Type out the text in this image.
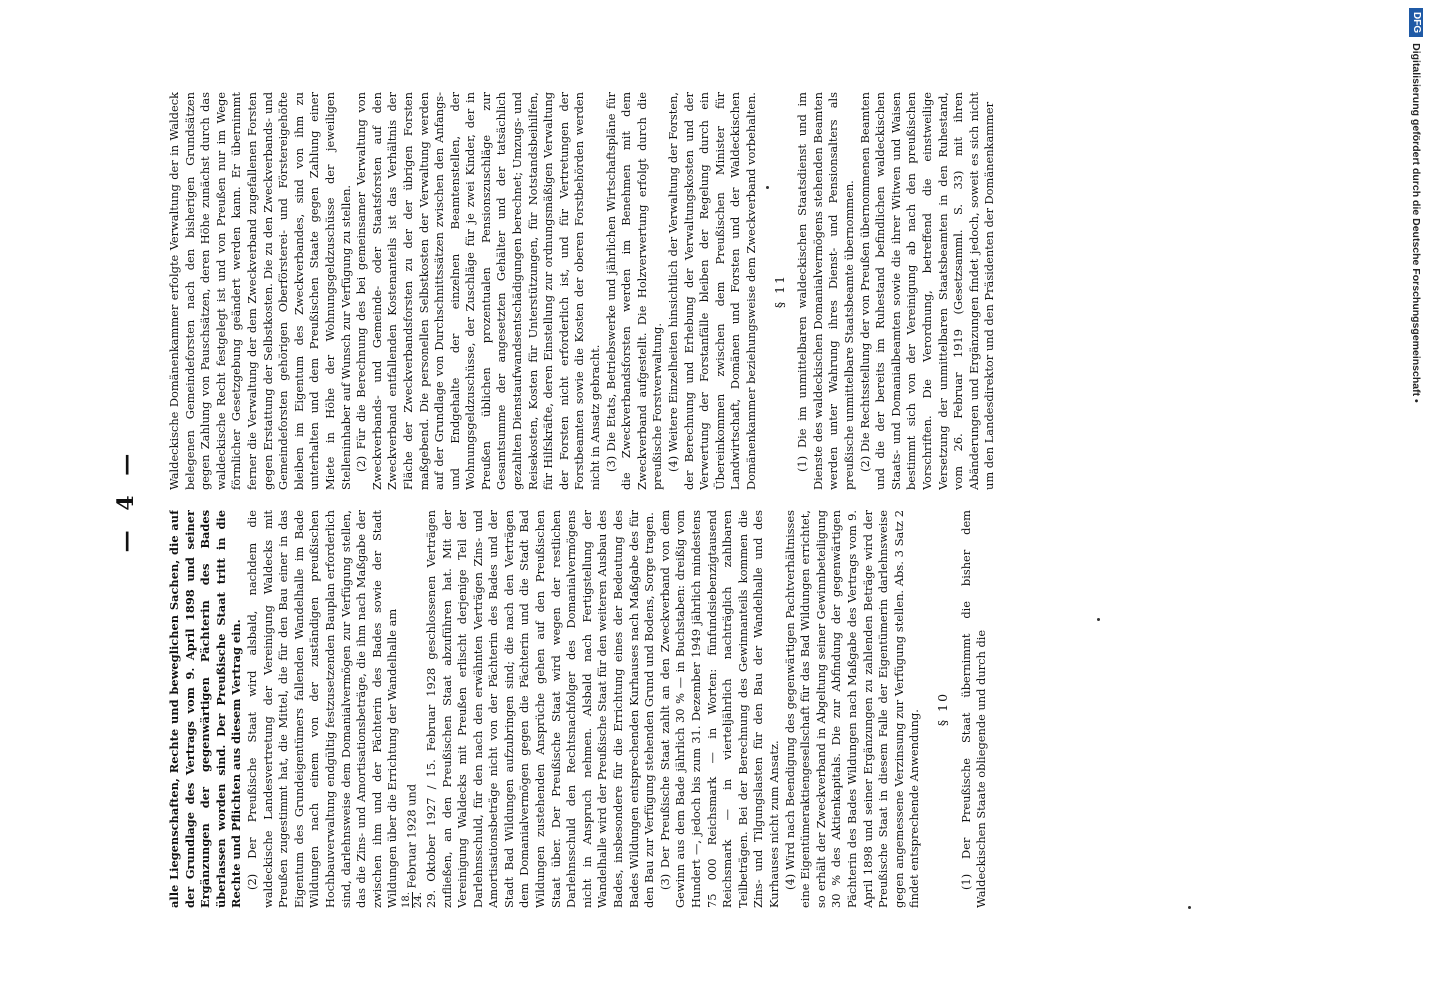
— 4 —

alle Liegenschaften, Rechte und beweglichen Sachen, die auf der Grundlage des Vertrags vom 9. April 1898 und seiner Ergänzungen der gegenwärtigen Pächterin des Bades überlassen worden sind. Der Preußische Staat tritt in die Rechte und Pflichten aus diesem Vertrag ein. (2) Der Preußische Staat wird alsbald, nachdem die waldeckische Landesvertretung der Vereinigung Waldecks mit Preußen zugestimmt hat, die Mittel, die für den Bau einer in das Eigentum des Grundeigentümers fallenden Wandelhalle im Bade Wildungen nach einem von der zuständigen preußischen Hochbauverwaltung endgültig festzusetzenden Bauplan erforderlich sind, darlehnsweise dem Domanialvermögen zur Verfügung stellen, das die Zins- und Amortisationsbeträge, die ihm nach Maßgabe der zwischen ihm und der Pächterin des Bades sowie der Stadt Wildungen über die Errichtung der Wandelhalle am 18. 24.
Februar 1928 und 29. Oktober 1927 / 15. Februar 1928 geschlossenen Verträgen zufließen, an den Preußischen Staat abzuführen hat. Mit der Vereinigung Waldecks mit Preußen erlischt derjenige Teil der Darlehnsschuld, für den nach den erwähnten Verträgen Zins- und Amortisationsbeträge nicht von der Pächterin des Bades und der Stadt Bad Wildungen aufzubringen sind; die nach den Verträgen dem Domanialvermögen gegen die Pächterin und die Stadt Bad Wildungen zustehenden Ansprüche gehen auf den Preußischen Staat über. Der Preußische Staat wird wegen der restlichen Darlehnsschuld den Rechtsnachfolger des Domanialvermögens nicht in Anspruch nehmen. Alsbald nach Fertigstellung der Wandelhalle wird der Preußische Staat für den weiteren Ausbau des Bades, insbesondere für die Errichtung eines der Bedeutung des Bades Wildungen entsprechenden Kurhauses nach Maßgabe des für den Bau zur Verfügung stehenden Grund und Bodens, Sorge tragen. (3) Der Preußische Staat zahlt an den Zweckverband von dem Gewinn aus dem Bade jährlich 30 % — in Buchstaben: dreißig vom Hundert —, jedoch bis zum 31. Dezember 1949 jährlich mindestens 75 000 Reichsmark — in Worten: fünfundsiebenzigtausend Reichsmark — in vierteljährlich nachträglich zahlbaren Teilbeträgen. Bei der Berechnung des Gewinnanteils kommen die Zins- und Tilgungslasten für den Bau der Wandelhalle und des Kurhauses nicht zum Ansatz. (4) Wird nach Beendigung des gegenwärtigen Pachtverhältnisses eine Eigentümeraktiengesellschaft für das Bad Wildungen errichtet, so erhält der Zweckverband in Abgeltung seiner Gewinnbeteiligung 30 % des Aktienkapitals. Die zur Abfindung der gegenwärtigen Pächterin des Bades Wildungen nach Maßgabe des Vertrags vom 9. April 1898 und seiner Ergänzungen zu zahlenden Beträge wird der Preußische Staat in diesem Falle der Eigentümerin darlehnsweise gegen angemessene Verzinsung zur Verfügung stellen. Abs. 3 Satz 2 findet entsprechende Anwendung.

§ 10 (1) Der Preußische Staat übernimmt die bisher dem Waldeckischen Staate obliegende und durch die

Waldeckische Domänenkammer erfolgte Verwaltung der in Waldeck belegenen Gemeindeforsten nach den bisherigen Grundsätzen gegen Zahlung von Pauschsätzen, deren Höhe zunächst durch das waldeckische Recht festgelegt ist und von Preußen nur im Wege förmlicher Gesetzgebung geändert werden kann. Er übernimmt ferner die Verwaltung der dem Zweckverband zugefallenen Forsten gegen Erstattung der Selbstkosten. Die zu den Zweckverbands- und Gemeindeforsten gehörigen Oberförsterei- und Förstereigehöfte bleiben im Eigentum des Zweckverbandes, sind von ihm zu unterhalten und dem Preußischen Staate gegen Zahlung einer Miete in Höhe der Wohnungsgeldzuschüsse der jeweiligen Stelleninhaber auf Wunsch zur Verfügung zu stellen. (2) Für die Berechnung des bei gemeinsamer Verwaltung von Zweckverbands- und Gemeinde- oder Staatsforsten auf den Zweckverband entfallenden Kostenanteils ist das Verhältnis der Fläche der Zweckverbandsforsten zu der der übrigen Forsten maßgebend. Die personellen Selbstkosten der Verwaltung werden auf der Grundlage von Durchschnittssätzen zwischen den Anfangs- und Endgehalte der einzelnen Beamtenstellen, der Wohnungsgeldzuschüsse, der Zuschläge für je zwei Kinder, der in Preußen üblichen prozentualen Pensionszuschläge zur Gesamtsumme der angesetzten Gehälter und der tatsächlich gezahlten Dienstaufwandsentschädigungen berechnet; Umzugs- und Reisekosten, Kosten für Unterstützungen, für Notstandsbeihilfen, für Hilfskräfte, deren Einstellung zur ordnungsmäßigen Verwaltung der Forsten nicht erforderlich ist, und für Vertretungen der Forstbeamten sowie die Kosten der oberen Forstbehörden werden nicht in Ansatz gebracht. (3) Die Etats, Betriebswerke und jährlichen Wirtschaftspläne für die Zweckverbandsforsten werden im Benehmen mit dem Zweckverband aufgestellt. Die Holzverwertung erfolgt durch die preußische Forstverwaltung. (4) Weitere Einzelheiten hinsichtlich der Verwaltung der Forsten, der Berechnung und Erhebung der Verwaltungskosten und der Verwertung der Forstanfälle bleiben der Regelung durch ein Übereinkommen zwischen dem Preußischen Minister für Landwirtschaft, Domänen und Forsten und der Waldeckischen Domänenkammer beziehungsweise dem Zweckverband vorbehalten. § 11 (1) Die im unmittelbaren waldeckischen Staatsdienst und im Dienste des waldeckischen Domanialvermögens stehenden Beamten werden unter Wahrung ihres Dienst- und Pensionsalters als preußische unmittelbare Staatsbeamte übernommen. (2) Die Rechtsstellung der von Preußen übernommenen Beamten und die der bereits im Ruhestand befindlichen waldeckischen Staats- und Domanialbeamten sowie die ihrer Witwen und Waisen bestimmt sich von der Vereinigung ab nach den preußischen Vorschriften. Die Verordnung, betreffend die einstweilige Versetzung der unmittelbaren Staatsbeamten in den Ruhestand, vom 26. Februar 1919 (Gesetzsamml. S. 33) mit ihren Abänderungen und Ergänzungen findet jedoch, soweit es sich nicht um den Landesdirektor und den Präsidenten der Domänenkammer

DFGDigitalisierung gefördert durch die Deutsche Forschungsgemeinschaft •
